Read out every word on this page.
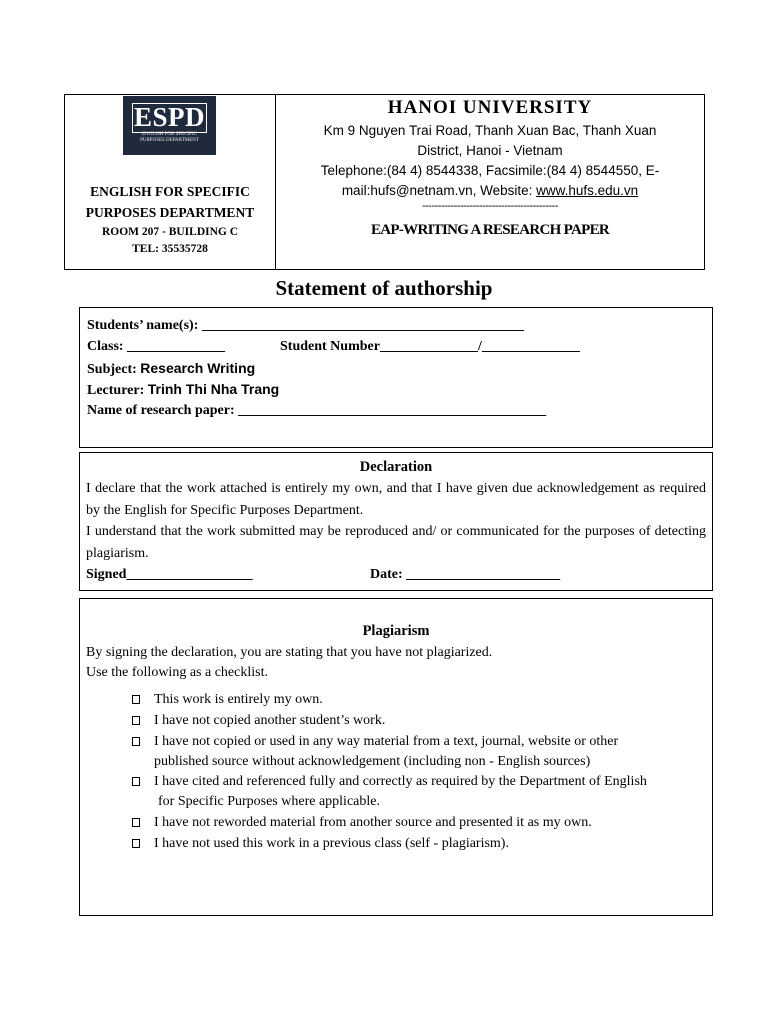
ESPD
ENGLISH FOR SPECIFIC PURPOSES DEPARTMENT
ENGLISH FOR SPECIFIC
PURPOSES DEPARTMENT
ROOM 207 - BUILDING C
TEL: 35535728
HANOI UNIVERSITY
Km 9 Nguyen Trai Road, Thanh Xuan Bac, Thanh Xuan
District, Hanoi - Vietnam
Telephone:(84 4) 8544338, Facsimile:(84 4) 8544550, E-
mail:hufs@netnam.vn, Website: www.hufs.edu.vn
-------------------------------------------
EAP-WRITING A RESEARCH PAPER
Statement of authorship
Students’ name(s): ______________________________________________
Class: ______________	Student Number______________/______________
Subject: Research Writing
Lecturer: Trinh Thi Nha Trang
Name of research paper: ____________________________________________
Declaration
I declare that the work attached is entirely my own, and that I have given due acknowledgement as required by the English for Specific Purposes Department.
I understand that the work submitted may be reproduced and/ or communicated for the purposes of detecting plagiarism.
Signed__________________	Date: ______________________
Plagiarism
By signing the declaration, you are stating that you have not plagiarized.
Use the following as a checklist.
This work is entirely my own.
I have not copied another student’s work.
I have not copied or used in any way material from a text, journal, website or other
published source without acknowledgement (including non - English sources)
I have cited and referenced fully and correctly as required by the Department of English
for Specific Purposes where applicable.
I have not reworded material from another source and presented it as my own.
I have not used this work in a previous class (self - plagiarism).
